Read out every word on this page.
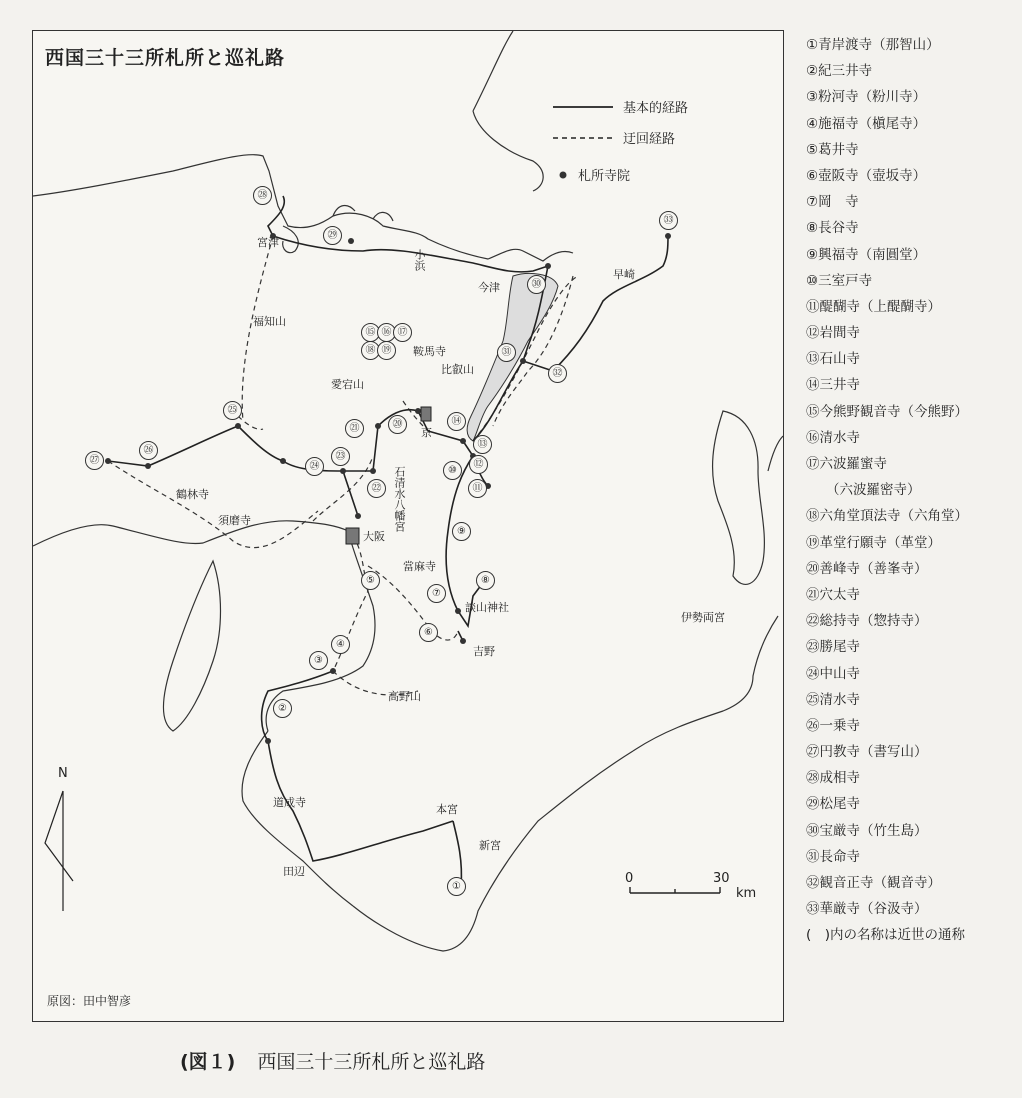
西国三十三所札所と巡礼路
基本的経路
迂回経路
札所寺院
宮津
小浜
今津
早崎
福知山
鞍馬寺
比叡山
愛宕山
京
石清水八幡宮
大阪
鶴林寺
須磨寺
當麻寺
談山神社
吉野
高野山
道成寺
田辺
本宮
新宮
伊勢両宮
①
②
③
④
⑤
⑥
⑦
⑧
⑨
⑩
⑪
⑫
⑬
⑭
⑮ ⑯ ⑰
⑱ ⑲
⑳
㉑
㉒
㉓
㉔
㉕
㉖
㉗
㉘
㉙
㉚
㉛
㉜
㉝
N
0	30
km
原図：田中智彦
①青岸渡寺（那智山）
②紀三井寺
③粉河寺（粉川寺）
④施福寺（槇尾寺）
⑤葛井寺
⑥壺阪寺（壺坂寺）
⑦岡　寺
⑧長谷寺
⑨興福寺（南圓堂）
⑩三室戸寺
⑪醍醐寺（上醍醐寺）
⑫岩間寺
⑬石山寺
⑭三井寺
⑮今熊野観音寺（今熊野）
⑯清水寺
⑰六波羅蜜寺
（六波羅密寺）
⑱六角堂頂法寺（六角堂）
⑲革堂行願寺（革堂）
⑳善峰寺（善峯寺）
㉑穴太寺
㉒総持寺（惣持寺）
㉓勝尾寺
㉔中山寺
㉕清水寺
㉖一乗寺
㉗円教寺（書写山）
㉘成相寺
㉙松尾寺
㉚宝厳寺（竹生島）
㉛長命寺
㉜観音正寺（観音寺）
㉝華厳寺（谷汲寺）
(　)内の名称は近世の通称
(図１) 西国三十三所札所と巡礼路
